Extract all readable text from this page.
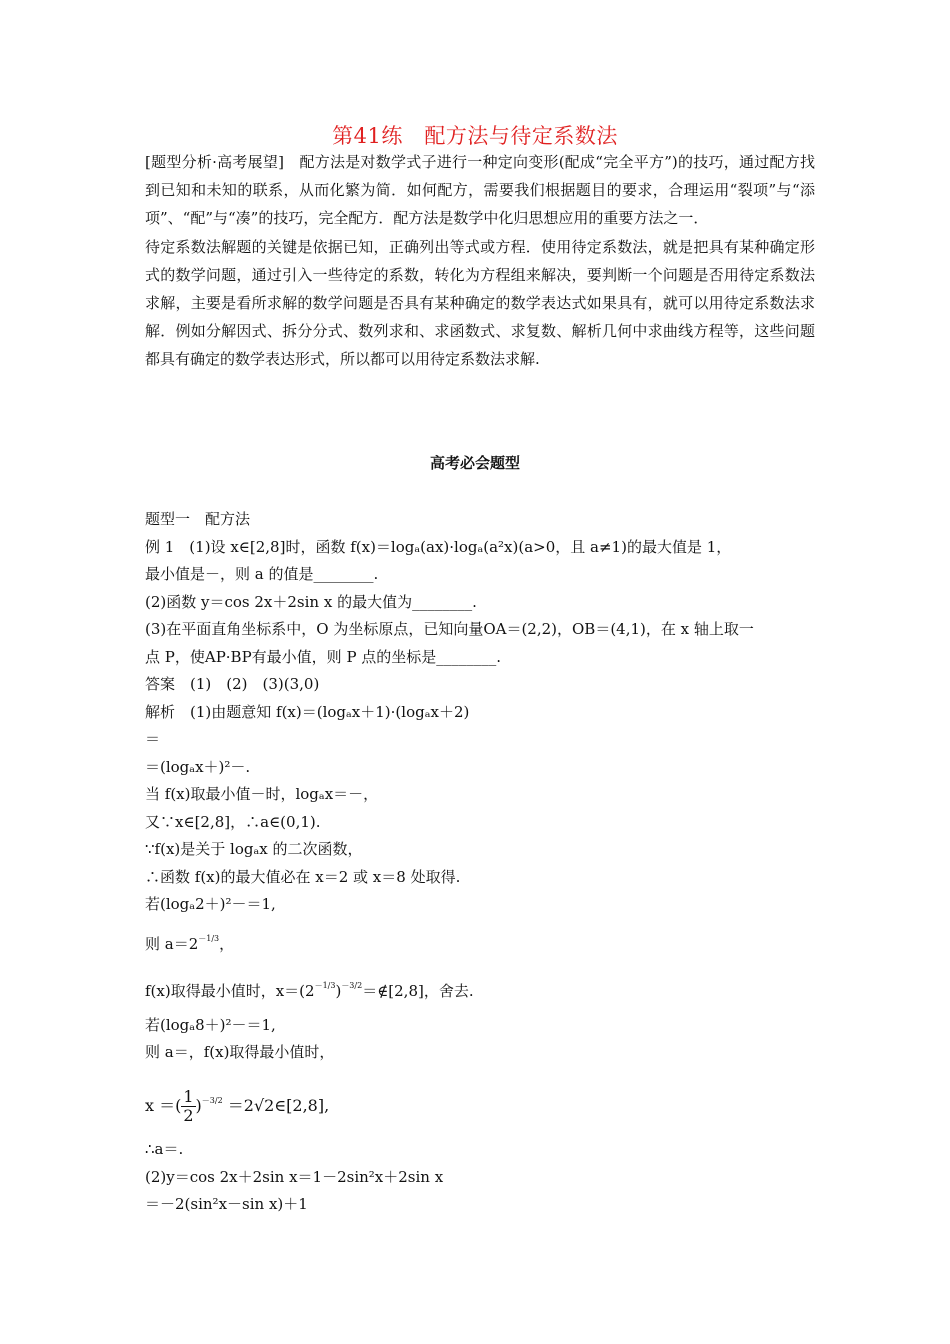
第41练　配方法与待定系数法

[题型分析·高考展望]　配方法是对数学式子进行一种定向变形(配成“完全平方”)的技巧，通过配方找到已知和未知的联系，从而化繁为简．如何配方，需要我们根据题目的要求，合理运用“裂项”与“添项”、“配”与“凑”的技巧，完全配方．配方法是数学中化归思想应用的重要方法之一．

待定系数法解题的关键是依据已知，正确列出等式或方程．使用待定系数法，就是把具有某种确定形式的数学问题，通过引入一些待定的系数，转化为方程组来解决，要判断一个问题是否用待定系数法求解，主要是看所求解的数学问题是否具有某种确定的数学表达式如果具有，就可以用待定系数法求解．例如分解因式、拆分分式、数列求和、求函数式、求复数、解析几何中求曲线方程等，这些问题都具有确定的数学表达形式，所以都可以用待定系数法求解.

高考必会题型
题型一　配方法
例 1　(1)设 x∈[2,8]时，函数 f(x)＝logₐ(ax)·logₐ(a²x)(a>0，且 a≠1)的最大值是 1，
最小值是－，则 a 的值是________.
(2)函数 y＝cos 2x＋2sin x 的最大值为________.
(3)在平面直角坐标系中，O 为坐标原点，已知向量OA＝(2,2)，OB＝(4,1)，在 x 轴上取一
点 P，使AP·BP有最小值，则 P 点的坐标是________.
答案　(1)　(2)　(3)(3,0)
解析　(1)由题意知 f(x)＝(logₐx＋1)·(logₐx＋2)
＝
＝(logₐx＋)²－.
当 f(x)取最小值－时，logₐx＝－，
又∵x∈[2,8]，∴a∈(0,1).
∵f(x)是关于 logₐx 的二次函数，
∴函数 f(x)的最大值必在 x＝2 或 x＝8 处取得.
若(logₐ2＋)²－＝1,
则 $a=2^{-1/3}$，
f(x)取得最小值时，$x=(2^{-1/3})^{-3/2}=\notin[2,8]$，舍去.
若(logₐ8＋)²－＝1,
则 a＝，f(x)取得最小值时，
x ＝( $\frac{1}{2} )^{-3/2}$ ＝2√2∈[2,8],
∴a＝.
(2)y＝cos 2x＋2sin x＝1－2sin²x＋2sin x
＝－2(sin²x－sin x)＋1
